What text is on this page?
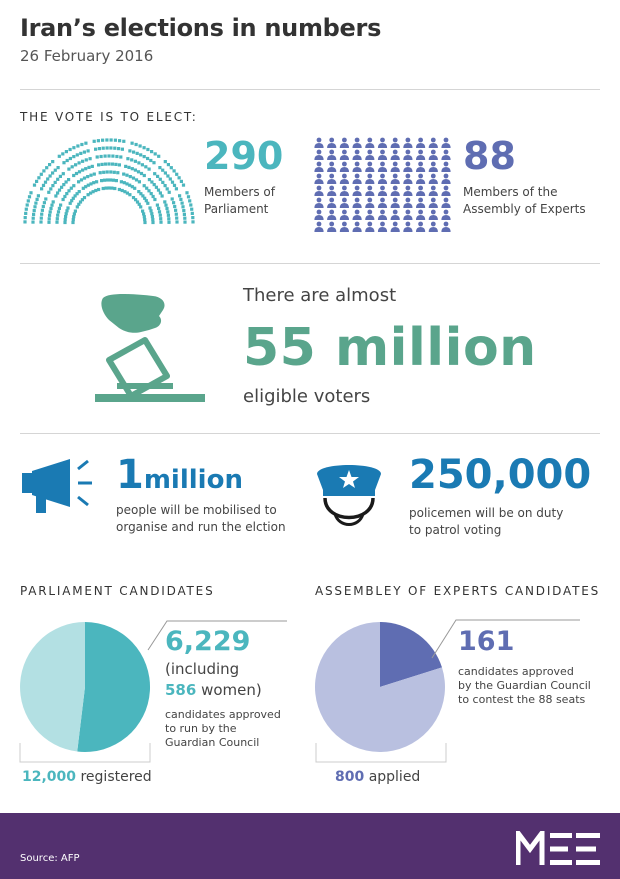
Iran’s elections in numbers
26 February 2016
THE VOTE IS TO ELECT:
290
Members of
Parliament
88
Members of the
Assembly of Experts
There are almost
55 million
eligible voters
1million
people will be mobilised to
organise and run the elction
250,000
policemen will be on duty
to patrol voting
PARLIAMENT CANDIDATES
6,229
(including
586 women)
candidates approved
to run by the
Guardian Council
12,000 registered
ASSEMBLEY OF EXPERTS CANDIDATES
161
candidates approved
by the Guardian Council
to contest the 88 seats
800 applied
Source: AFP
